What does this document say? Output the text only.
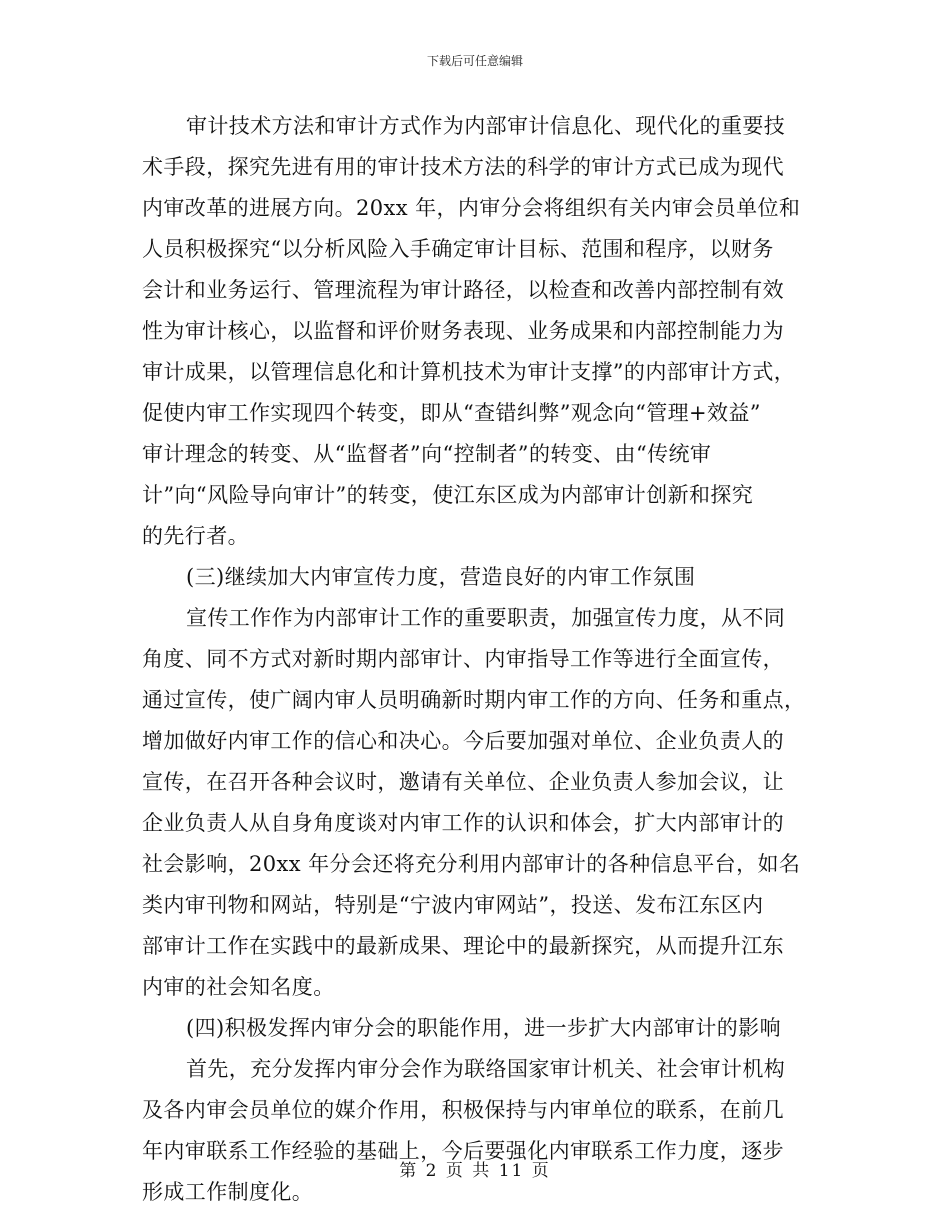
下载后可任意编辑
审计技术方法和审计方式作为内部审计信息化、现代化的重要技
术手段，探究先进有用的审计技术方法的科学的审计方式已成为现代
内审改革的进展方向。20xx 年，内审分会将组织有关内审会员单位和
人员积极探究“以分析风险入手确定审计目标、范围和程序，以财务
会计和业务运行、管理流程为审计路径，以检查和改善内部控制有效
性为审计核心，以监督和评价财务表现、业务成果和内部控制能力为
审计成果，以管理信息化和计算机技术为审计支撑”的内部审计方式，
促使内审工作实现四个转变，即从“查错纠弊”观念向“管理+效益”
审计理念的转变、从“监督者”向“控制者”的转变、由“传统审
计”向“风险导向审计”的转变，使江东区成为内部审计创新和探究
的先行者。
(三)继续加大内审宣传力度，营造良好的内审工作氛围
宣传工作作为内部审计工作的重要职责，加强宣传力度，从不同
角度、同不方式对新时期内部审计、内审指导工作等进行全面宣传，
通过宣传，使广阔内审人员明确新时期内审工作的方向、任务和重点，
增加做好内审工作的信心和决心。今后要加强对单位、企业负责人的
宣传，在召开各种会议时，邀请有关单位、企业负责人参加会议，让
企业负责人从自身角度谈对内审工作的认识和体会，扩大内部审计的
社会影响，20xx 年分会还将充分利用内部审计的各种信息平台，如名
类内审刊物和网站，特别是“宁波内审网站”，投送、发布江东区内
部审计工作在实践中的最新成果、理论中的最新探究，从而提升江东
内审的社会知名度。
(四)积极发挥内审分会的职能作用，进一步扩大内部审计的影响
首先，充分发挥内审分会作为联络国家审计机关、社会审计机构
及各内审会员单位的媒介作用，积极保持与内审单位的联系，在前几
年内审联系工作经验的基础上，今后要强化内审联系工作力度，逐步
形成工作制度化。
第 2 页 共 11 页
